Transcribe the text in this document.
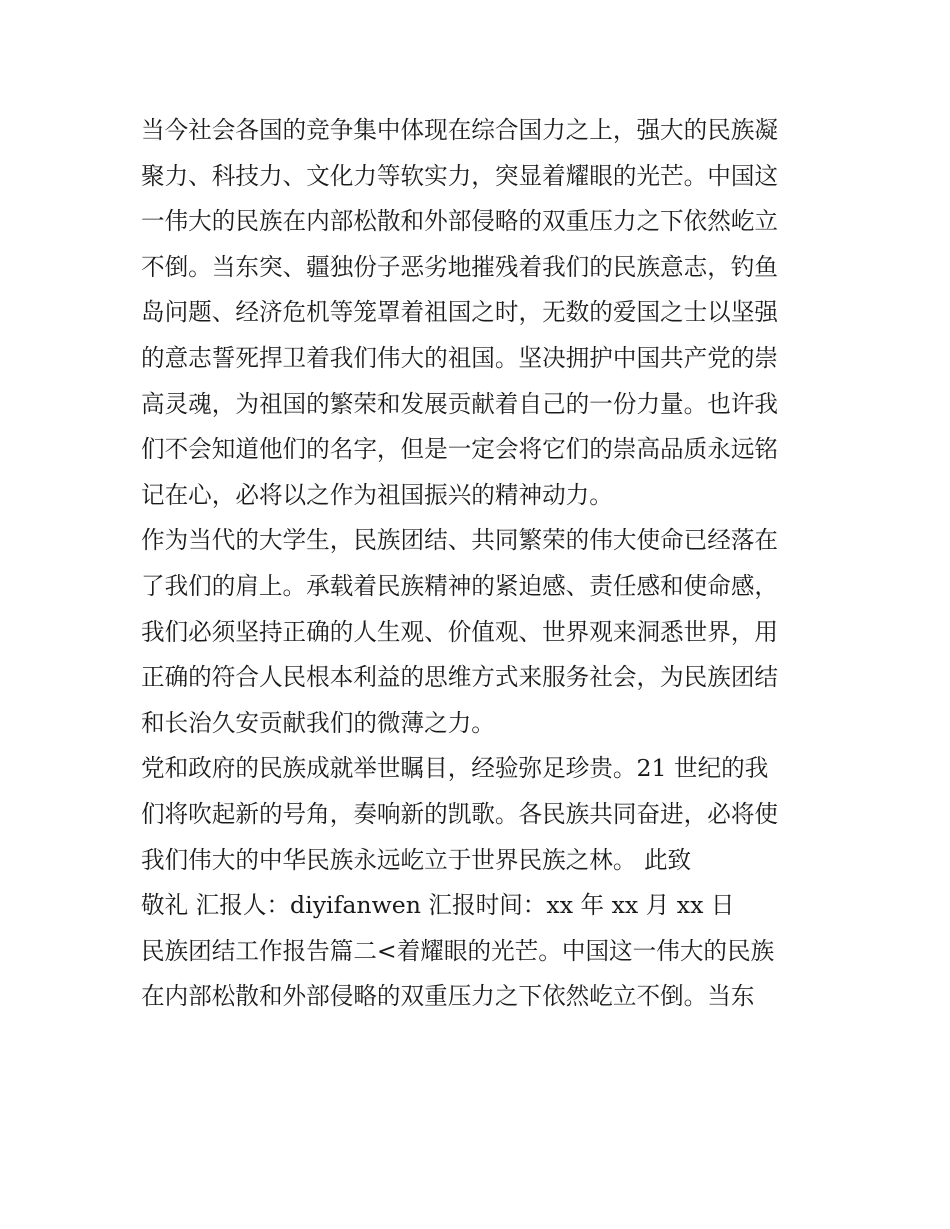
当今社会各国的竞争集中体现在综合国力之上，强大的民族凝
聚力、科技力、文化力等软实力，突显着耀眼的光芒。中国这
一伟大的民族在内部松散和外部侵略的双重压力之下依然屹立
不倒。当东突、疆独份子恶劣地摧残着我们的民族意志，钓鱼
岛问题、经济危机等笼罩着祖国之时，无数的爱国之士以坚强
的意志誓死捍卫着我们伟大的祖国。坚决拥护中国共产党的崇
高灵魂，为祖国的繁荣和发展贡献着自己的一份力量。也许我
们不会知道他们的名字，但是一定会将它们的崇高品质永远铭
记在心，必将以之作为祖国振兴的精神动力。
作为当代的大学生，民族团结、共同繁荣的伟大使命已经落在
了我们的肩上。承载着民族精神的紧迫感、责任感和使命感，
我们必须坚持正确的人生观、价值观、世界观来洞悉世界，用
正确的符合人民根本利益的思维方式来服务社会，为民族团结
和长治久安贡献我们的微薄之力。
党和政府的民族成就举世瞩目，经验弥足珍贵。21 世纪的我
们将吹起新的号角，奏响新的凯歌。各民族共同奋进，必将使
我们伟大的中华民族永远屹立于世界民族之林。 此致
敬礼 汇报人：diyifanwen 汇报时间：xx 年 xx 月 xx 日
民族团结工作报告篇二<着耀眼的光芒。中国这一伟大的民族
在内部松散和外部侵略的双重压力之下依然屹立不倒。当东
